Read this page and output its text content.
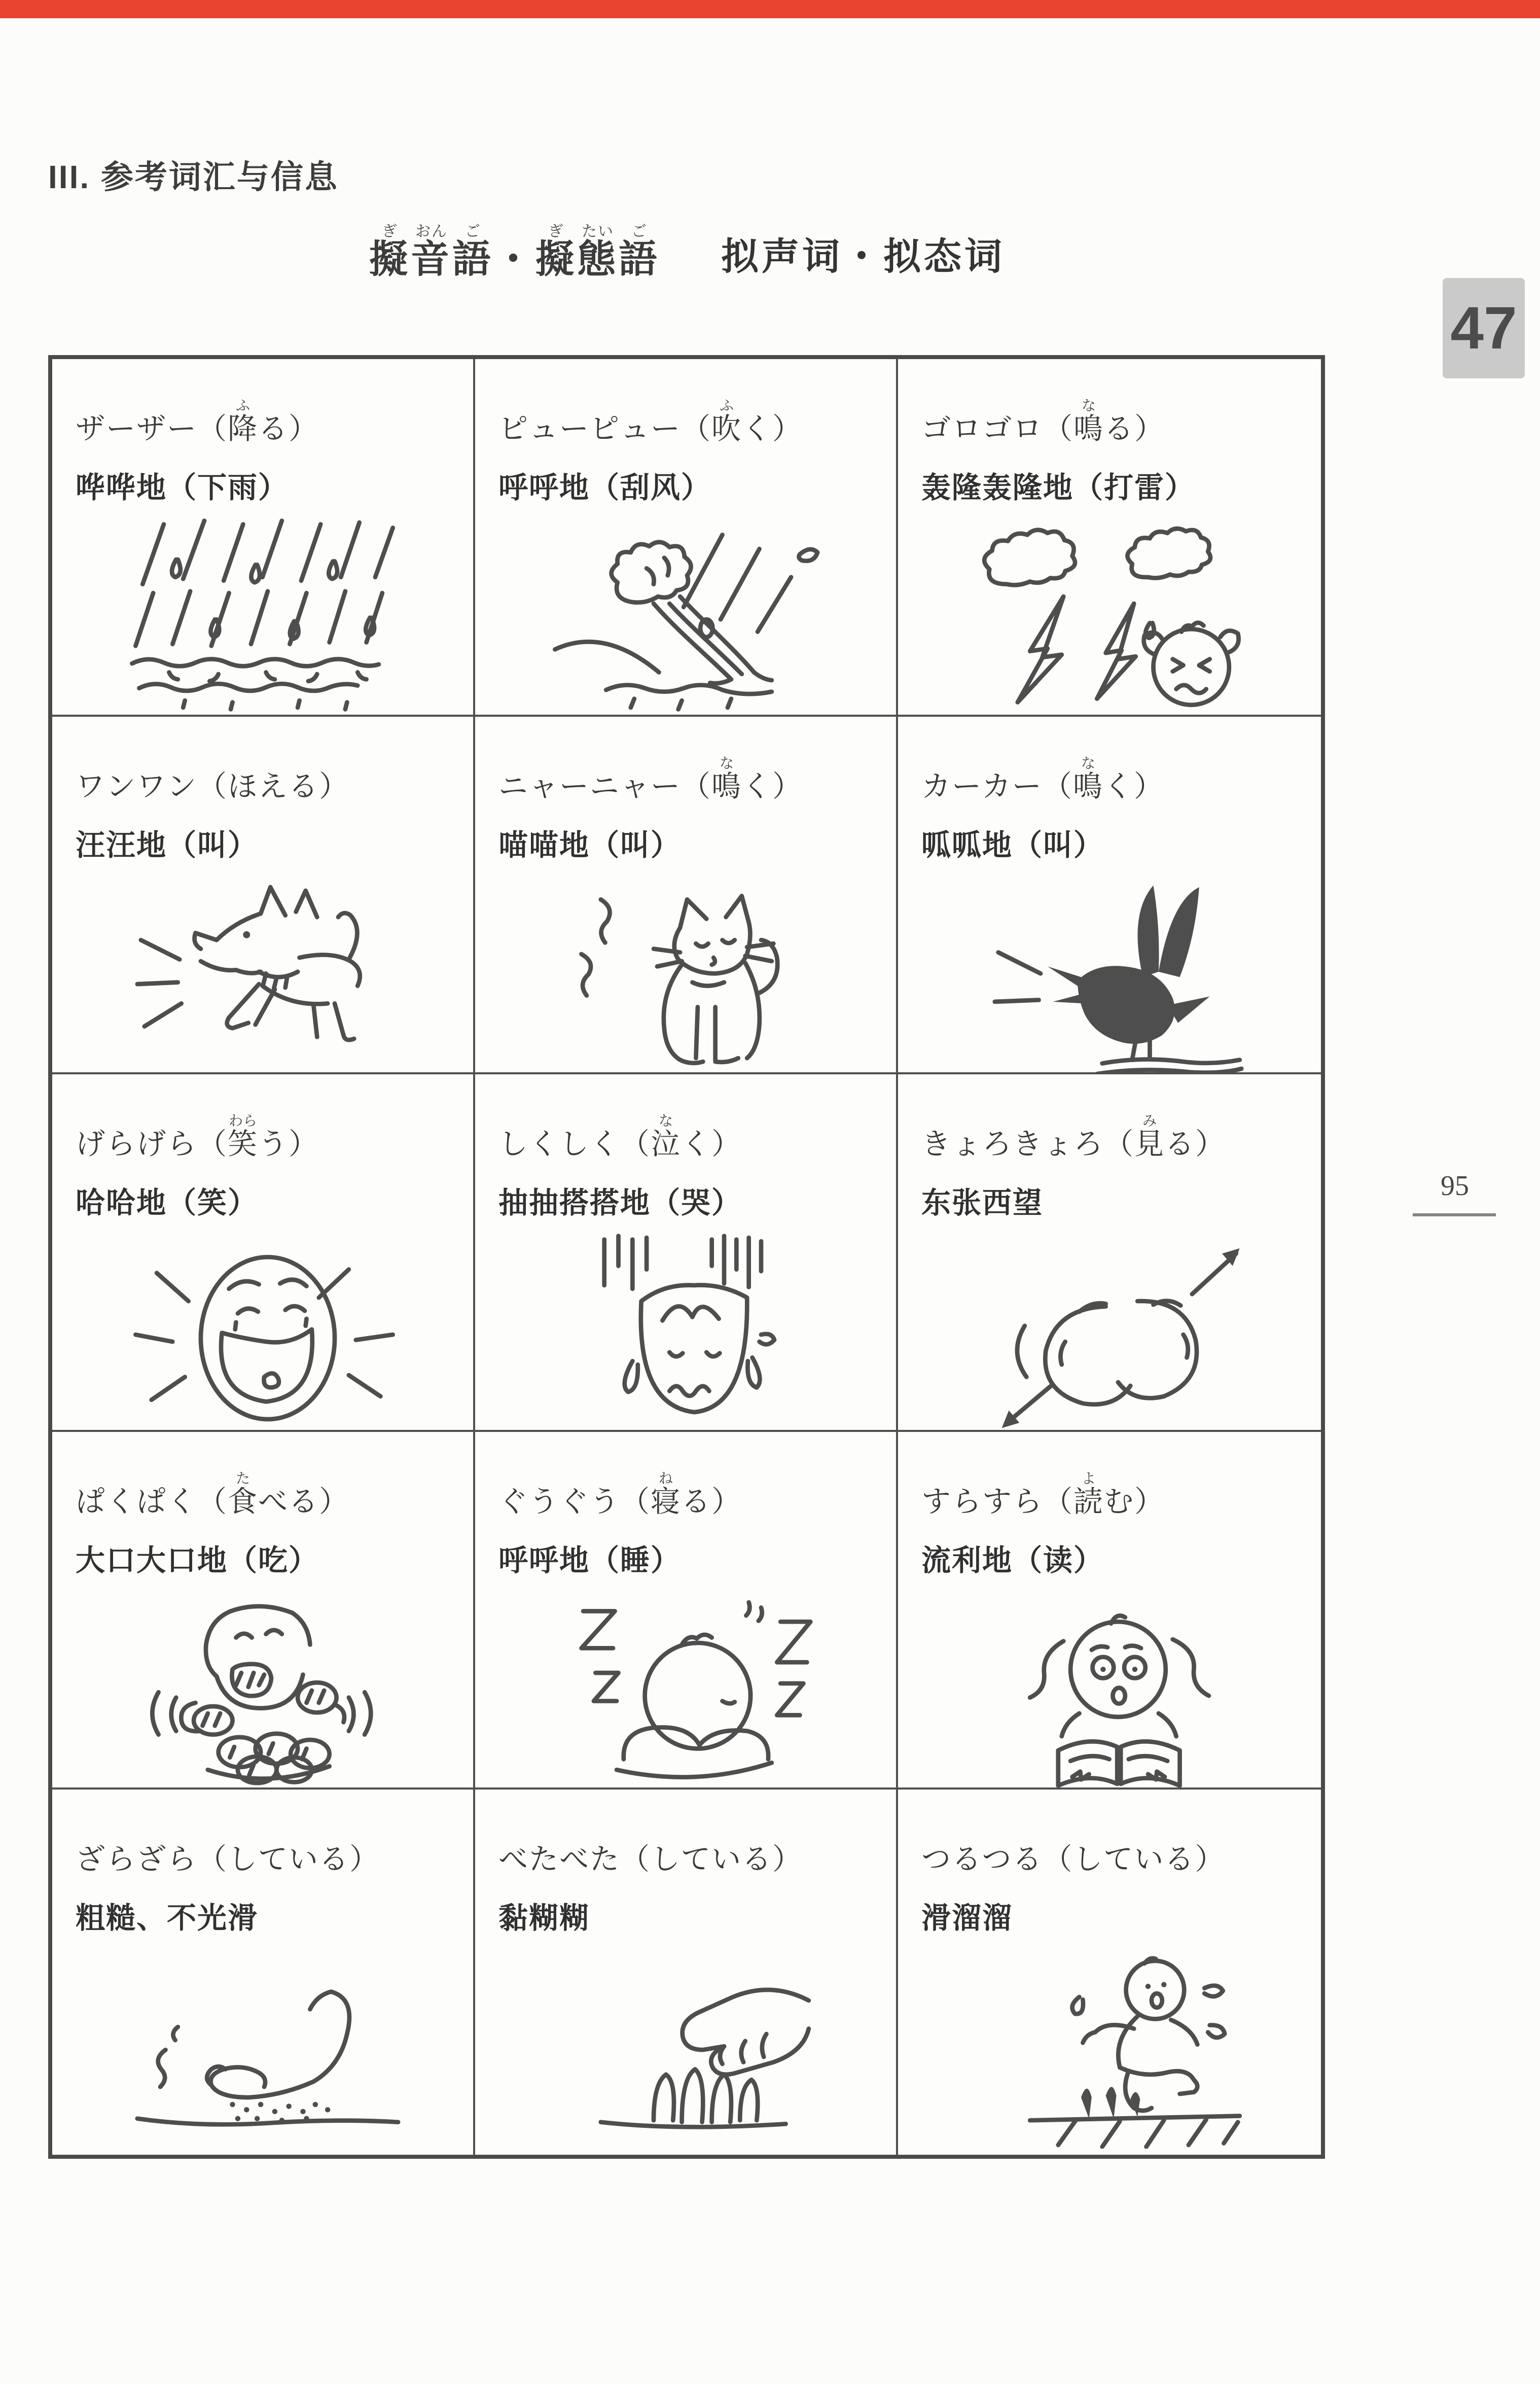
III. 参考词汇与信息
擬ぎ
音おん
語ご
・ 擬ぎ
態たい
語ご
拟声词・拟态词
47
95
ザーザー（ 降ふ
る）
哗哗地（下雨）
ピューピュー（ 吹ふ
く）
呼呼地（刮风）
ゴロゴロ（ 鳴な
る）
轰隆轰隆地（打雷）
ワンワン（ほえる）
汪汪地（叫）
ニャーニャー（ 鳴な
く）
喵喵地（叫）
カーカー（ 鳴な
く）
呱呱地（叫）
げらげら（ 笑わら
う）
哈哈地（笑）
しくしく（ 泣な
く）
抽抽搭搭地（哭）
きょろきょろ（ 見み
る）
东张西望
ぱくぱく（ 食た
べる）
大口大口地（吃）
ぐうぐう（ 寝ね
る）
呼呼地（睡）
すらすら（ 読よ
む）
流利地（读）
ざらざら（している）
粗糙、不光滑
べたべた（している）
黏糊糊
つるつる（している）
滑溜溜
